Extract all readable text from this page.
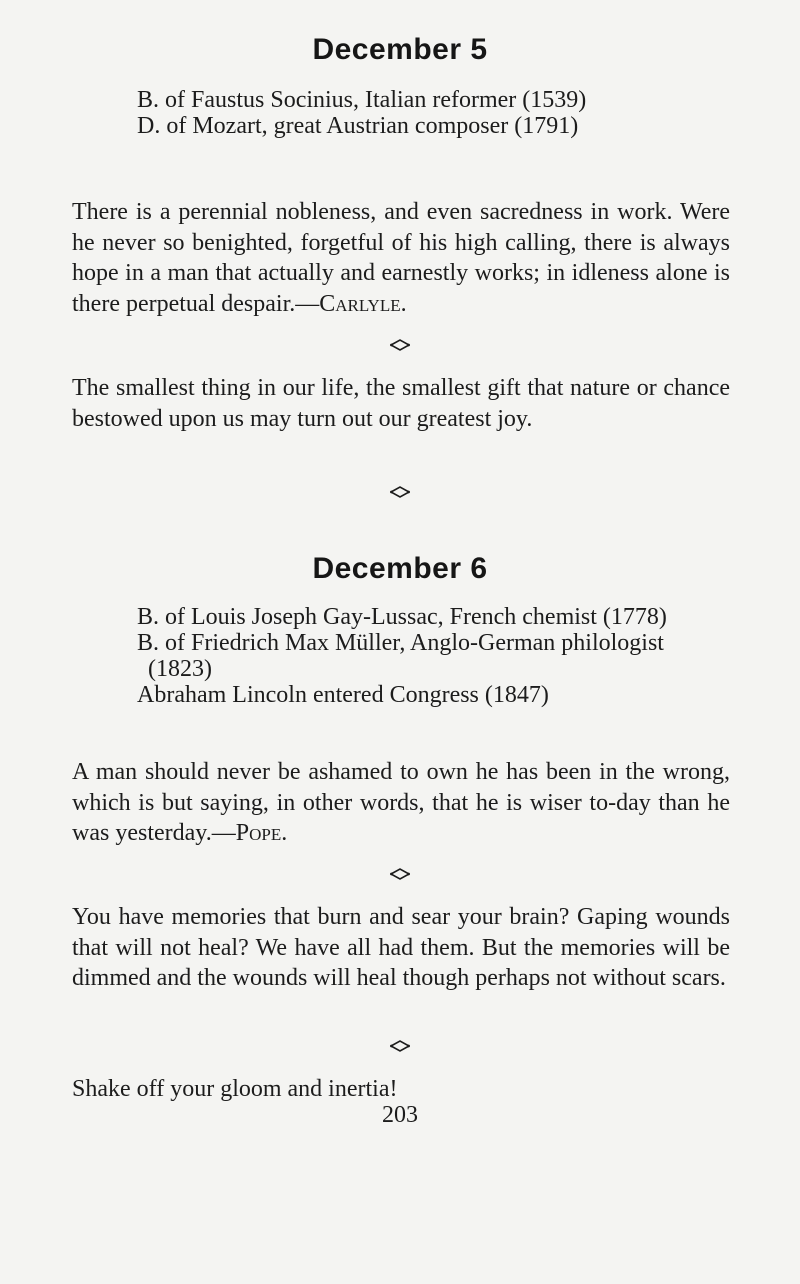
December 5
B. of Faustus Socinius, Italian reformer (1539)
D. of Mozart, great Austrian composer (1791)
There is a perennial nobleness, and even sacredness in work. Were he never so benighted, forgetful of his high calling, there is always hope in a man that actually and earnestly works; in idleness alone is there perpetual despair.—Carlyle.
The smallest thing in our life, the smallest gift that nature or chance bestowed upon us may turn out our greatest joy.
December 6
B. of Louis Joseph Gay-Lussac, French chemist (1778)
B. of Friedrich Max Müller, Anglo-German philologist
(1823)
Abraham Lincoln entered Congress (1847)
A man should never be ashamed to own he has been in the wrong, which is but saying, in other words, that he is wiser to-day than he was yesterday.—Pope.
You have memories that burn and sear your brain? Gaping wounds that will not heal? We have all had them. But the memories will be dimmed and the wounds will heal though perhaps not without scars.
Shake off your gloom and inertia!
203
